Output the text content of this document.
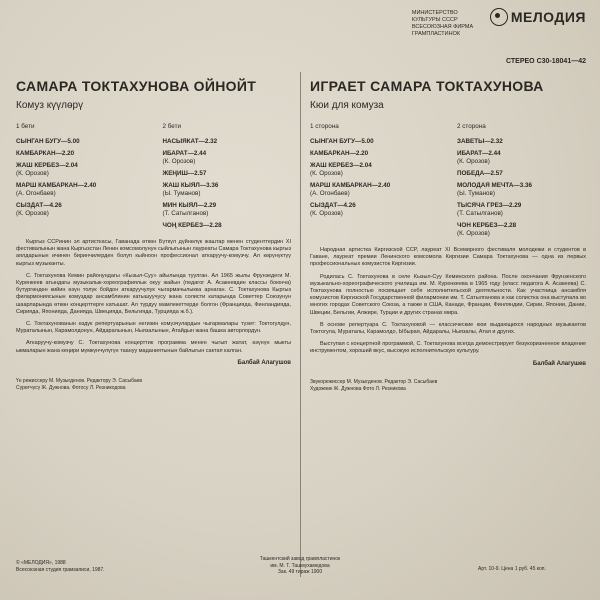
МИНИСТЕРСТВО КУЛЬТУРЫ СССР
ВСЕСОЮЗНАЯ ФИРМА ГРАМПЛАСТИНОК
МЕЛОДИЯ
СТЕРЕО С30-18041—42
САМАРА ТОКТАХУНОВА ОЙНОЙТ
Комуз күүлөрү
1 бети
СЫНГАН БУГУ—5.00
КАМБАРКАН—2.20
ЖАШ КЕРБЕЗ—2.04
(К. Орозов)
МАРШ КАМБАРКАН—2.40
(А. Огонбаев)
СЫЗДАТ—4.26
(К. Орозов)
2 бети
НАСЫЯКАТ—2.32
ИБАРАТ—2.44
(К. Орозов)
ЖЕҢИШ—2.57
ЖАШ КЫЯЛ—3.36
(Ы. Туманов)
МИН КЫЯЛ—2.29
(Т. Сатылганов)
ЧОҢ КЕРБЕЗ—2.28

Кыргыз ССРинин эл артисткасы, Гаванада өткөн Бүткүл дүйнөлүк жаштар менен студенттердин XI фестивалынын жана Кыргызстан Ленин комсомолунун сыйлыгынын лауреаты Самара Токтахунова кыргыз аялдарынын ичинен биринчилерден болуп кыйноон профессионал аткаруучу-комузчу. Ал көрүнүктүү кыргыз музыканты.

С. Токтахунова Кемин районундагы «Кызыл-Суу» айылында туулган. Ал 1965 жылы Фрунзедеги М. Куренкеев атындагы музыкалык-хореографиялык окуу жайын (педагог А. Асакеевдин классы боюнча) бүтүргөндөн кийин өзүн толук бойдон аткаруучулук чыгармачылыкка арнаган. С. Токтахунова Кыргыз филармониясынын комуздар ансамблинин катышуучусу жана солисти катарында Советтер Союзунун шаарларында өткөн концерттерге катышат. Ал түрдүү мамлекеттерде болгон (Францияда, Финландияда, Сирияда, Японияда, Данияда, Швецияда, Бельгияда, Турцияда ж.б.).

С. Токтахунованын өздүк репертуарынын негизин комузчулардын чыгармалары түзөт: Токтогулдун, Мураталынын, Карамолдонун, Айдаралынын, Ныязалынын, Атайдын жана башка авторлордун.

Аткаруучу-комузчу С. Токтахунова концерттик программа менен чыгып жатат, өзүнүн мыкты ыкмаларын жана кеңири мүмкүнчүлүгүн таануу маданиятынын байлыгын сактап калган.

Балбай Алагушов
Үн режиссеру М. Музыгденов. Редактору Э. Сасыбаев
Сүрөтчүсү Ж. Дужнова. Фотосу Л. Резникодова
ИГРАЕТ САМАРА ТОКТАХУНОВА
Кюи для комуза
1 сторона
СЫНГАН БУГУ—5.00
КАМБАРКАН—2.20
ЖАШ КЕРБЕЗ—2.04
(К. Орозов)
МАРШ КАМБАРКАН—2.40
(А. Огонбаев)
СЫЗДАТ—4.26
(К. Орозов)
2 сторона
ЗАВЕТЫ—2.32
ИБАРАТ—2.44
(К. Орозов)
ПОБЕДА—2.57
МОЛОДАЯ МЕЧТА—3.36
(Ы. Туманов)
ТЫСЯЧА ГРЕЗ—2.29
(Т. Сатылганов)
ЧОН КЕРБЕЗ—2.28
(К. Орозов)

Народная артистка Киргизской ССР, лауреат XI Всемирного фестиваля молодежи и студентов в Гаване, лауреат премии Ленинского комсомола Киргизии Самара Токтахунова — одна из первых профессиональных комузисток Киргизии.

Родилась С. Токтахунова в селе Кызыл-Суу Кеминского района. После окончания Фрунзенского музыкально-хореографического училища им. М. Куренкеева в 1965 году (класс педагога А. Асакеева) С. Токтахунова полностью посвящает себя исполнительской деятельности. Как участница ансамбля комузистов Киргизской Государственной филармонии им. Т. Сатылганова и как солистка она выступала во многих городах Советского Союза, а также в США, Канаде, Франции, Финляндии, Сирии, Японии, Дании, Швеции, Бельгии, Алжире, Турции и других странах мира.

В основе репертуара С. Токтахуновой — классические кюи выдающихся народных музыкантов Токтогула, Мураталы, Карамолдо, Ыбырая, Айдаралы, Ныязалы, Атая и других.

Выступая с концертной программой, С. Токтахунова всегда демонстрирует безукоризненное владение инструментом, хороший вкус, высокую исполнительскую культуру.

Балбай Алагушев
Звукорежиссер М. Музыгденов. Редактор Э. Сасыбаев
Художник Ж. Дужнова Фото Л. Резникова
© «МЕЛОДИЯ», 1988
Всесоюзная студия грамзаписи, 1987.
Ташкентский завод грампластинок
им. М. Т. Ташмухамедова
Зак. 49 тираж 1900	Арт. 10-9. Цена 1 руб. 45 коп.
